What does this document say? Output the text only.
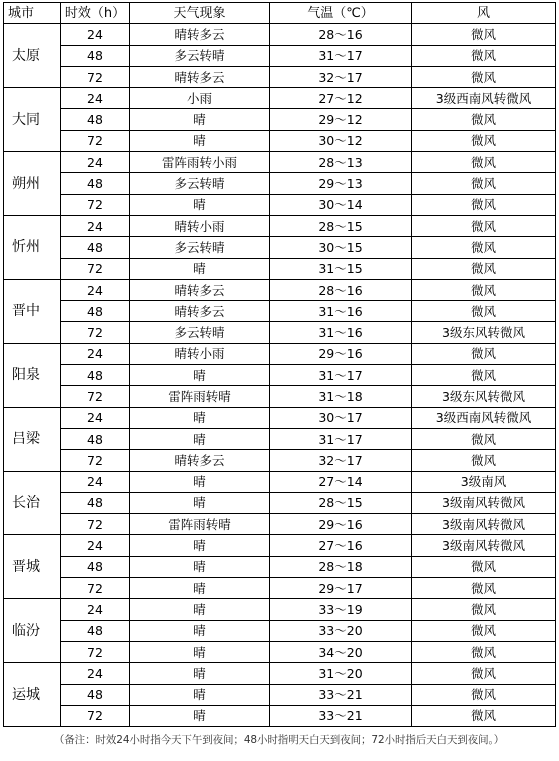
城市	时效（h）	天气现象	气温（℃）	风
太原	24	晴转多云	28～16	微风
	48	多云转晴	31～17	微风
	72	晴转多云	32～17	微风
大同	24	小雨	27～12	3级西南风转微风
	48	晴	29～12	微风
	72	晴	30～12	微风
朔州	24	雷阵雨转小雨	28～13	微风
	48	多云转晴	29～13	微风
	72	晴	30～14	微风
忻州	24	晴转小雨	28～15	微风
	48	多云转晴	30～15	微风
	72	晴	31～15	微风
晋中	24	晴转多云	28～16	微风
	48	晴转多云	31～16	微风
	72	多云转晴	31～16	3级东风转微风
阳泉	24	晴转小雨	29～16	微风
	48	晴	31～17	微风
	72	雷阵雨转晴	31～18	3级东风转微风
吕梁	24	晴	30～17	3级西南风转微风
	48	晴	31～17	微风
	72	晴转多云	32～17	微风
长治	24	晴	27～14	3级南风
	48	晴	28～15	3级南风转微风
	72	雷阵雨转晴	29～16	3级南风转微风
晋城	24	晴	27～16	3级南风转微风
	48	晴	28～18	微风
	72	晴	29～17	微风
临汾	24	晴	33～19	微风
	48	晴	33～20	微风
	72	晴	34～20	微风
运城	24	晴	31～20	微风
	48	晴	33～21	微风
	72	晴	33～21	微风
（备注：时效24小时指今天下午到夜间；48小时指明天白天到夜间；72小时指后天白天到夜间。）
